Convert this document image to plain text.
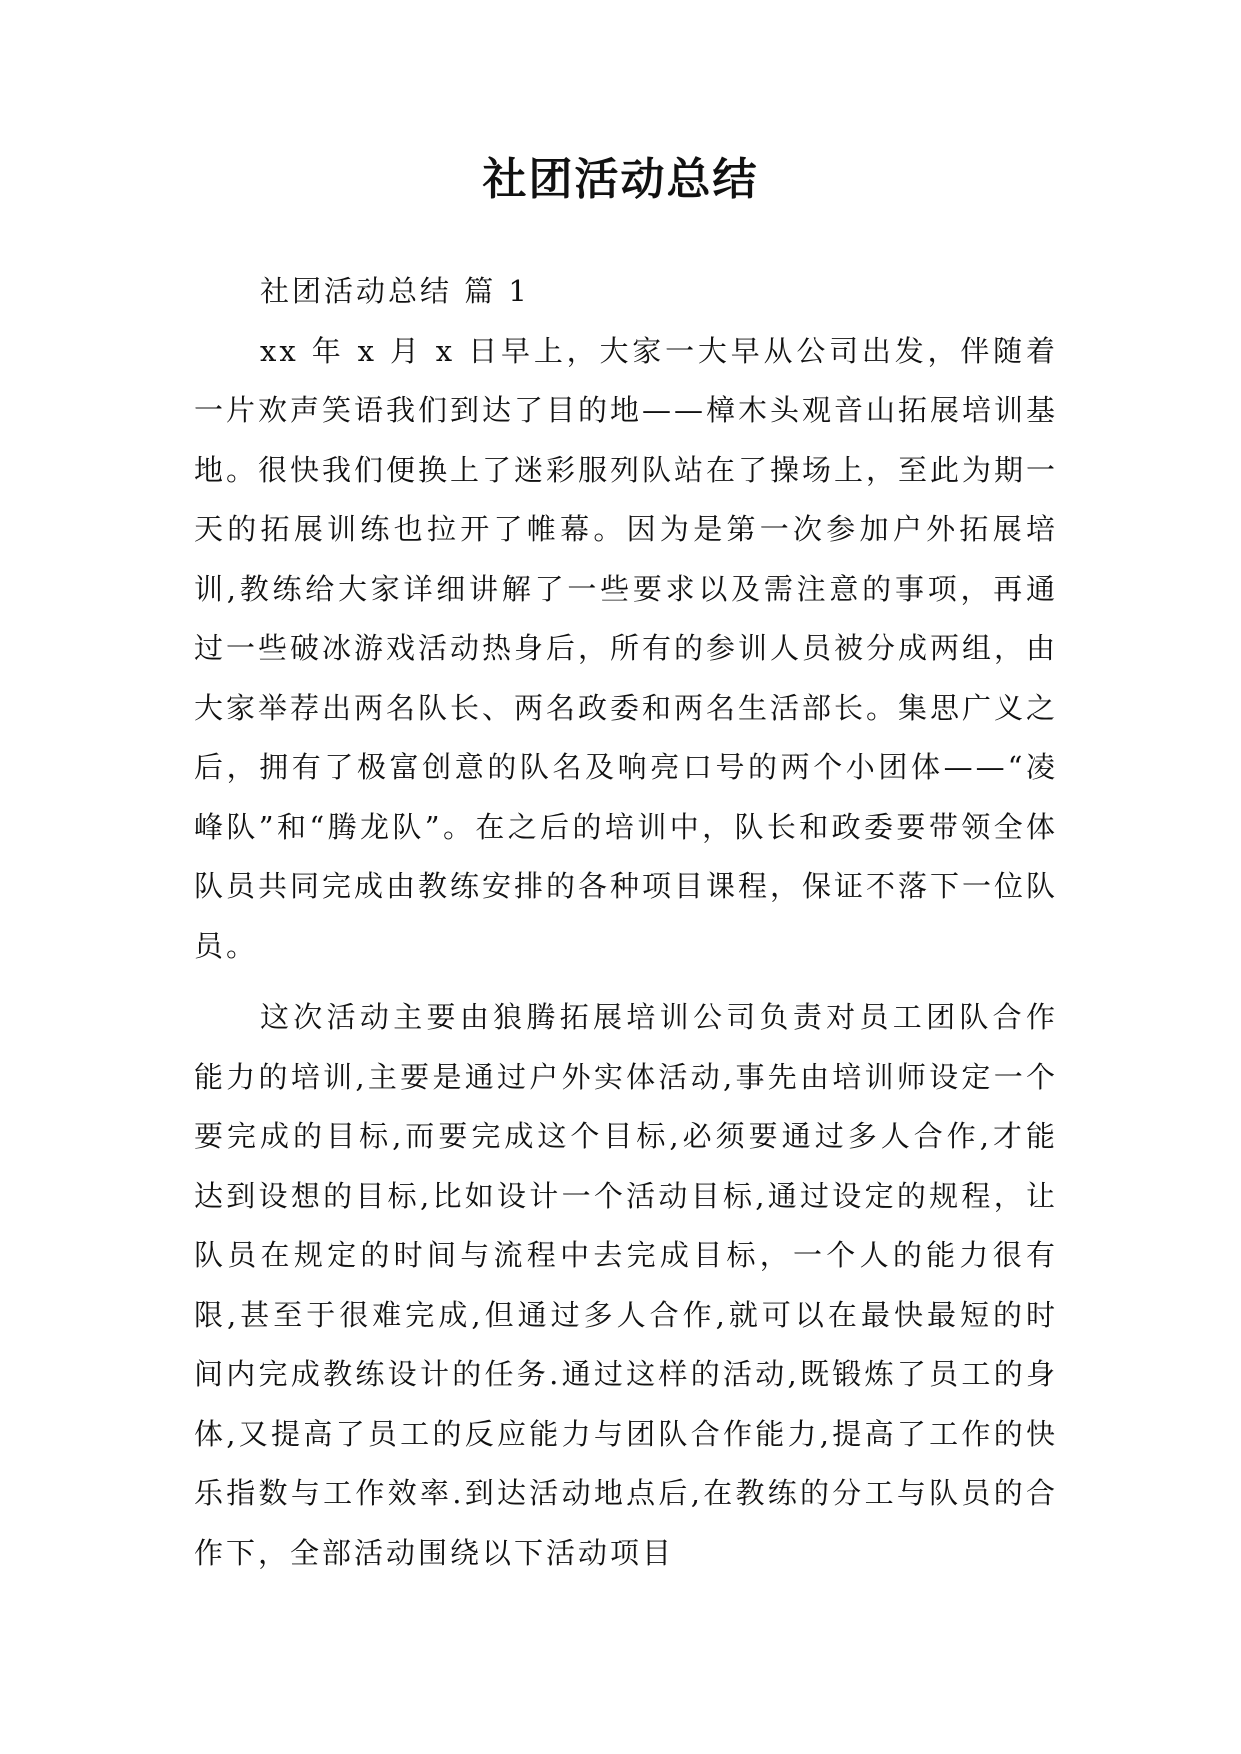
社团活动总结

社团活动总结 篇 1

xx 年 x 月 x 日早上，大家一大早从公司出发，伴随着一片欢声笑语我们到达了目的地——樟木头观音山拓展培训基地。很快我们便换上了迷彩服列队站在了操场上，至此为期一天的拓展训练也拉开了帷幕。因为是第一次参加户外拓展培训,教练给大家详细讲解了一些要求以及需注意的事项，再通过一些破冰游戏活动热身后，所有的参训人员被分成两组，由大家举荐出两名队长、两名政委和两名生活部长。集思广义之后，拥有了极富创意的队名及响亮口号的两个小团体——“凌峰队”和“腾龙队”。在之后的培训中，队长和政委要带领全体队员共同完成由教练安排的各种项目课程，保证不落下一位队员。

这次活动主要由狼腾拓展培训公司负责对员工团队合作能力的培训,主要是通过户外实体活动,事先由培训师设定一个要完成的目标,而要完成这个目标,必须要通过多人合作,才能达到设想的目标,比如设计一个活动目标,通过设定的规程，让队员在规定的时间与流程中去完成目标，一个人的能力很有限,甚至于很难完成,但通过多人合作,就可以在最快最短的时间内完成教练设计的任务.通过这样的活动,既锻炼了员工的身体,又提高了员工的反应能力与团队合作能力,提高了工作的快乐指数与工作效率.到达活动地点后,在教练的分工与队员的合作下，全部活动围绕以下活动项目
